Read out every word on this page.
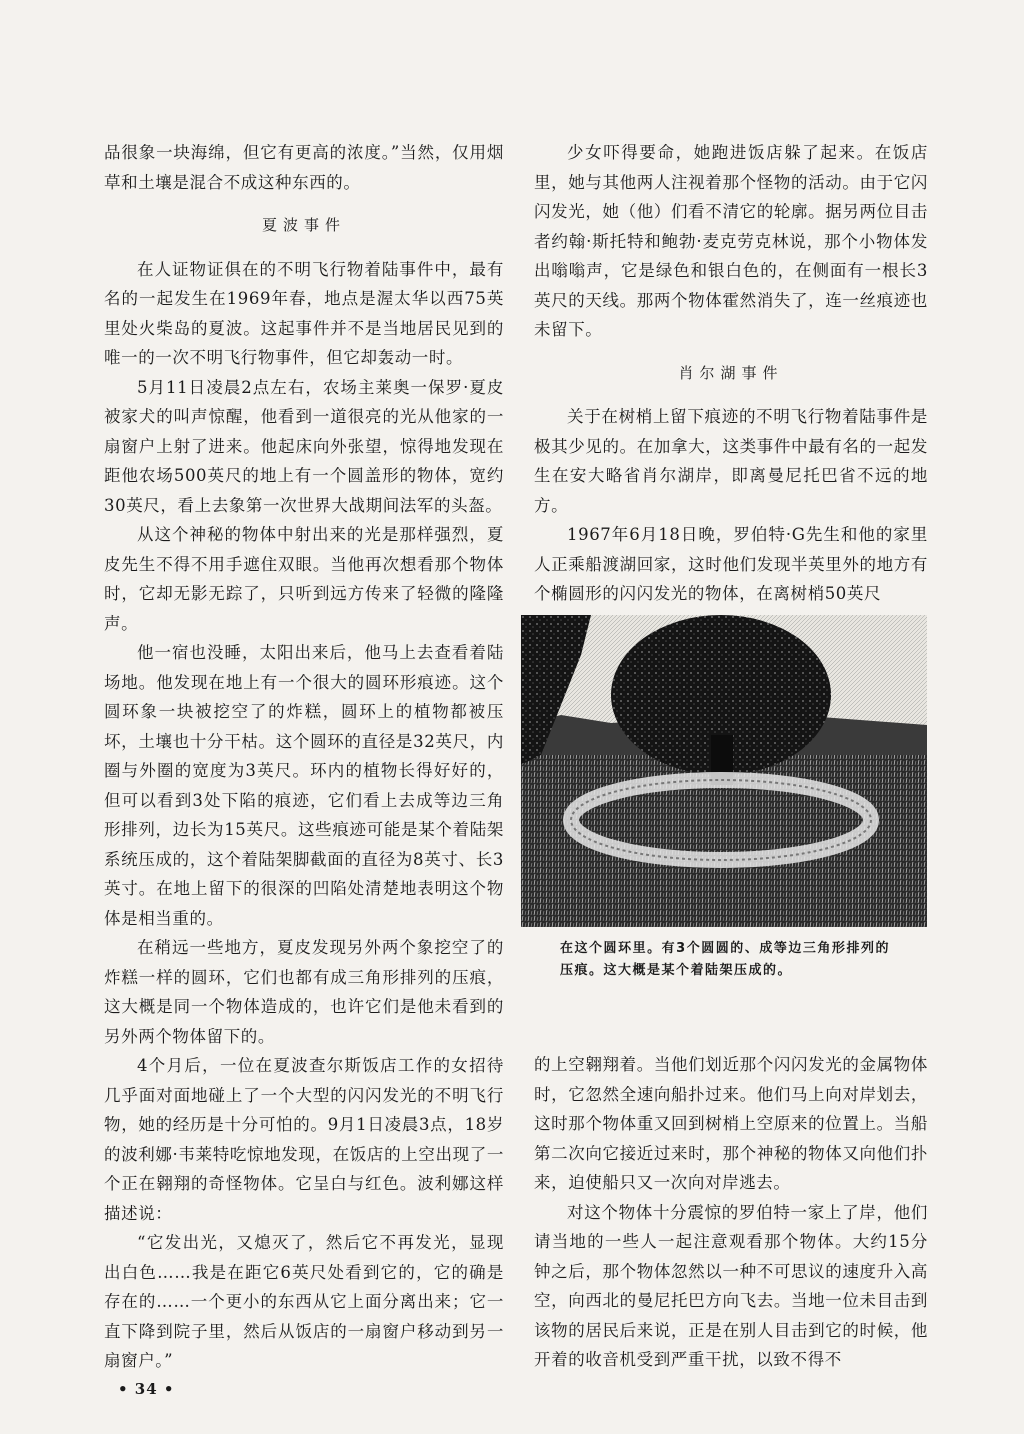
品很象一块海绵，但它有更高的浓度。”当然，仅用烟草和土壤是混合不成这种东西的。

夏波事件

在人证物证俱在的不明飞行物着陆事件中，最有名的一起发生在1969年春，地点是渥太华以西75英里处火柴岛的夏波。这起事件并不是当地居民见到的唯一的一次不明飞行物事件，但它却轰动一时。

5月11日凌晨2点左右，农场主莱奥一保罗·夏皮被家犬的叫声惊醒，他看到一道很亮的光从他家的一扇窗户上射了进来。他起床向外张望，惊得地发现在距他农场500英尺的地上有一个圆盖形的物体，宽约30英尺，看上去象第一次世界大战期间法军的头盔。

从这个神秘的物体中射出来的光是那样强烈，夏皮先生不得不用手遮住双眼。当他再次想看那个物体时，它却无影无踪了，只听到远方传来了轻微的隆隆声。

他一宿也没睡，太阳出来后，他马上去查看着陆场地。他发现在地上有一个很大的圆环形痕迹。这个圆环象一块被挖空了的炸糕，圆环上的植物都被压坏，土壤也十分干枯。这个圆环的直径是32英尺，内圈与外圈的宽度为3英尺。环内的植物长得好好的，但可以看到3处下陷的痕迹，它们看上去成等边三角形排列，边长为15英尺。这些痕迹可能是某个着陆架系统压成的，这个着陆架脚截面的直径为8英寸、长3英寸。在地上留下的很深的凹陷处清楚地表明这个物体是相当重的。

在稍远一些地方，夏皮发现另外两个象挖空了的炸糕一样的圆环，它们也都有成三角形排列的压痕，这大概是同一个物体造成的，也许它们是他未看到的另外两个物体留下的。

4个月后，一位在夏波查尔斯饭店工作的女招待几乎面对面地碰上了一个大型的闪闪发光的不明飞行物，她的经历是十分可怕的。9月1日凌晨3点，18岁的波利娜·韦莱特吃惊地发现，在饭店的上空出现了一个正在翱翔的奇怪物体。它呈白与红色。波利娜这样描述说：

“它发出光，又熄灭了，然后它不再发光，显现出白色……我是在距它6英尺处看到它的，它的确是存在的……一个更小的东西从它上面分离出来；它一直下降到院子里，然后从饭店的一扇窗户移动到另一扇窗户。”

少女吓得要命，她跑进饭店躲了起来。在饭店里，她与其他两人注视着那个怪物的活动。由于它闪闪发光，她（他）们看不清它的轮廓。据另两位目击者约翰·斯托特和鲍勃·麦克劳克林说，那个小物体发出嗡嗡声，它是绿色和银白色的，在侧面有一根长3英尺的天线。那两个物体霍然消失了，连一丝痕迹也未留下。

肖尔湖事件

关于在树梢上留下痕迹的不明飞行物着陆事件是极其少见的。在加拿大，这类事件中最有名的一起发生在安大略省肖尔湖岸，即离曼尼托巴省不远的地方。

1967年6月18日晚，罗伯特·G先生和他的家里人正乘船渡湖回家，这时他们发现半英里外的地方有个椭圆形的闪闪发光的物体，在离树梢50英尺

在这个圆环里。有3个圆圆的、成等边三角形排列的压痕。这大概是某个着陆架压成的。

的上空翱翔着。当他们划近那个闪闪发光的金属物体时，它忽然全速向船扑过来。他们马上向对岸划去，这时那个物体重又回到树梢上空原来的位置上。当船第二次向它接近过来时，那个神秘的物体又向他们扑来，迫使船只又一次向对岸逃去。

对这个物体十分震惊的罗伯特一家上了岸，他们请当地的一些人一起注意观看那个物体。大约15分钟之后，那个物体忽然以一种不可思议的速度升入高空，向西北的曼尼托巴方向飞去。当地一位未目击到该物的居民后来说，正是在别人目击到它的时候，他开着的收音机受到严重干扰，以致不得不

• 34 •
